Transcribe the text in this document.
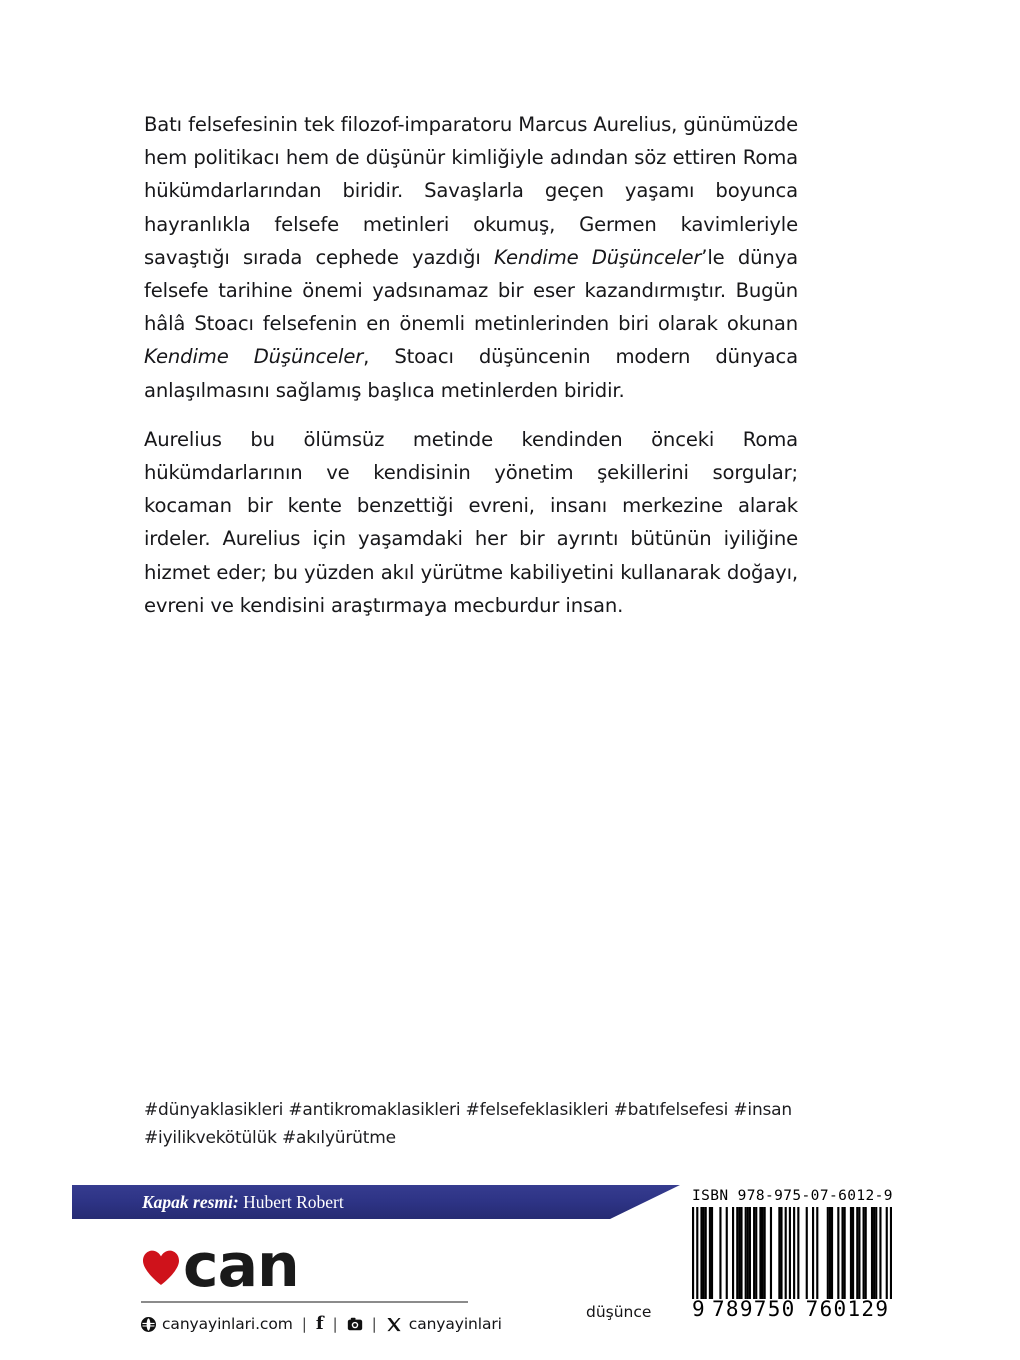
Batı felsefesinin tek filozof-imparatoru Marcus Aurelius, günümüzde hem politikacı hem de düşünür kimliğiyle adından söz ettiren Roma hükümdarlarından biridir. Savaşlarla geçen yaşamı boyunca hayranlıkla felsefe metinleri okumuş, Germen kavimleriyle savaştığı sırada cephede yazdığı Kendime Düşünceler’le dünya felsefe tarihine önemi yadsınamaz bir eser kazandırmıştır. Bugün hâlâ Stoacı felsefenin en önemli metinlerinden biri olarak okunan Kendime Düşünceler, Stoacı düşüncenin modern dünyaca anlaşılmasını sağlamış başlıca metinlerden biridir.

Aurelius bu ölümsüz metinde kendinden önceki Roma hükümdarlarının ve kendisinin yönetim şekillerini sorgular; kocaman bir kente benzettiği evreni, insanı merkezine alarak irdeler. Aurelius için yaşamdaki her bir ayrıntı bütünün iyiliğine hizmet eder; bu yüzden akıl yürütme kabiliyetini kullanarak doğayı, evreni ve kendisini araştırmaya mecburdur insan.

#dünyaklasikleri #antikromaklasikleri #felsefeklasikleri #batıfelsefesi #insan
#iyilikvekötülük #akılyürütme
Kapak resmi: Hubert Robert
can
canyayinlari.com | f | | canyayinlari
düşünce
ISBN 978-975-07-6012-9
9 789750 760129
